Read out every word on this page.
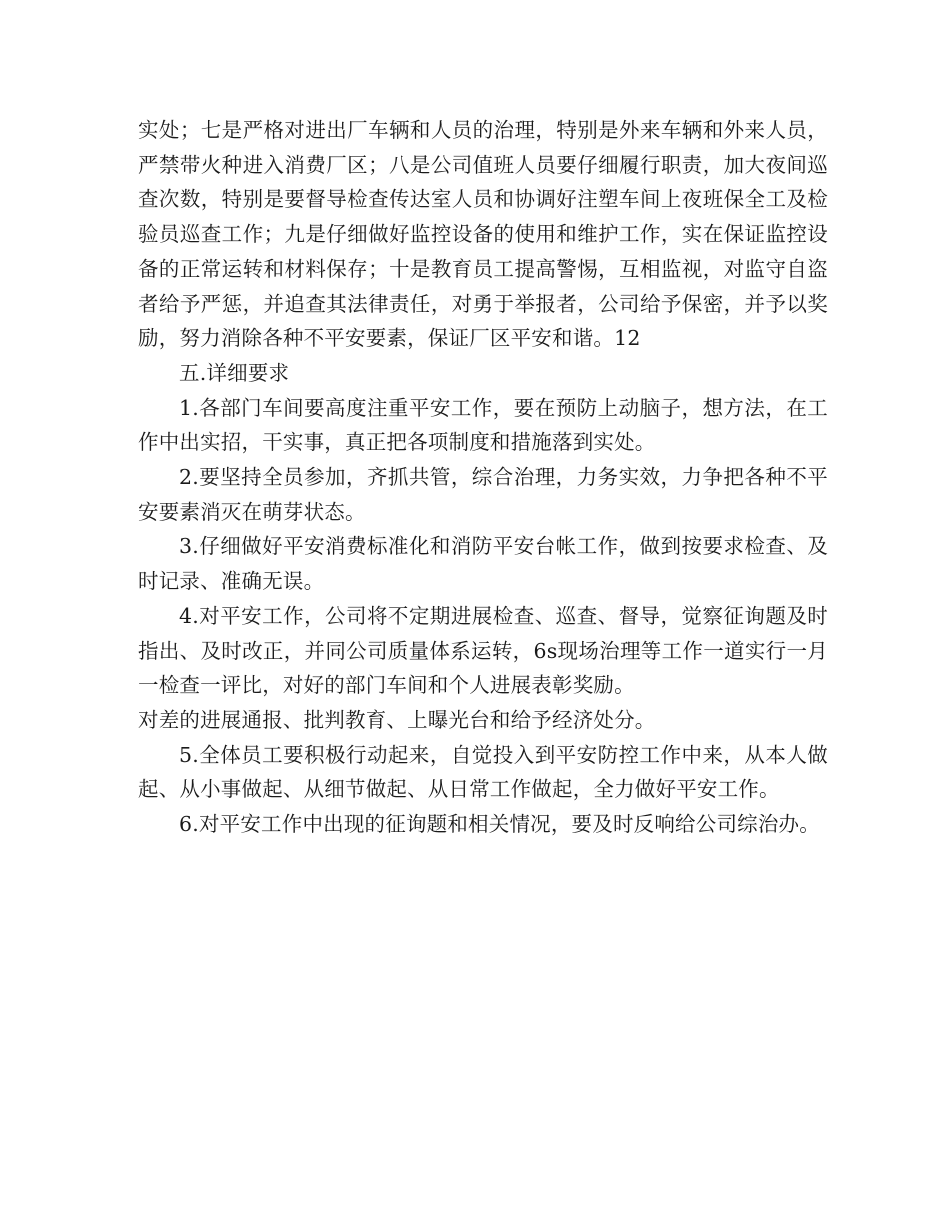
实处；七是严格对进出厂车辆和人员的治理，特别是外来车辆和外来人员，严禁带火种进入消费厂区；八是公司值班人员要仔细履行职责，加大夜间巡查次数，特别是要督导检查传达室人员和协调好注塑车间上夜班保全工及检验员巡查工作；九是仔细做好监控设备的使用和维护工作，实在保证监控设备的正常运转和材料保存；十是教育员工提高警惕，互相监视，对监守自盗者给予严惩，并追查其法律责任，对勇于举报者，公司给予保密，并予以奖励，努力消除各种不平安要素，保证厂区平安和谐。12

五.详细要求

1.各部门车间要高度注重平安工作，要在预防上动脑子，想方法，在工作中出实招，干实事，真正把各项制度和措施落到实处。

2.要坚持全员参加，齐抓共管，综合治理，力务实效，力争把各种不平安要素消灭在萌芽状态。

3.仔细做好平安消费标准化和消防平安台帐工作，做到按要求检查、及时记录、准确无误。

4.对平安工作，公司将不定期进展检查、巡查、督导，觉察征询题及时指出、及时改正，并同公司质量体系运转，6s现场治理等工作一道实行一月一检查一评比，对好的部门车间和个人进展表彰奖励。

对差的进展通报、批判教育、上曝光台和给予经济处分。

5.全体员工要积极行动起来，自觉投入到平安防控工作中来，从本人做起、从小事做起、从细节做起、从日常工作做起，全力做好平安工作。

6.对平安工作中出现的征询题和相关情况，要及时反响给公司综治办。
